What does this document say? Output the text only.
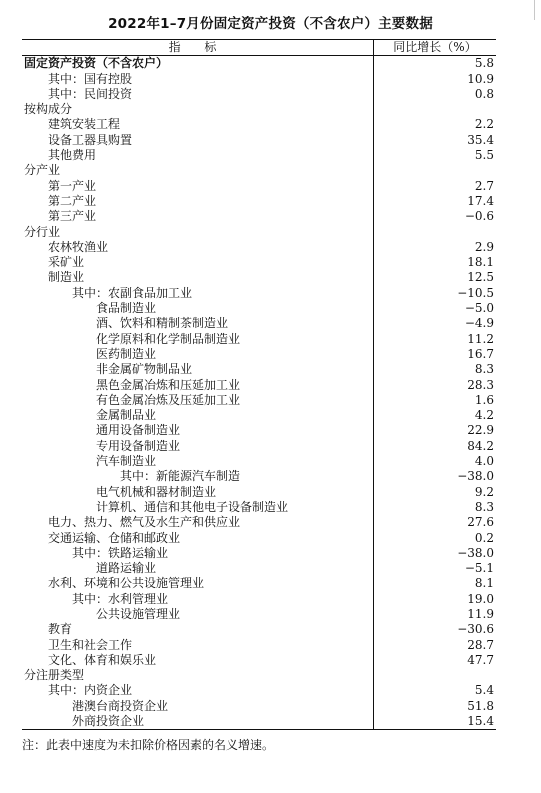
2022年1–7月份固定资产投资（不含农户）主要数据
指 标	同比增长（%）
固定资产投资（不含农户）	5.8
其中：国有控股	10.9
其中：民间投资	0.8
按构成分
建筑安装工程	2.2
设备工器具购置	35.4
其他费用	5.5
分产业
第一产业	2.7
第二产业	17.4
第三产业	−0.6
分行业
农林牧渔业	2.9
采矿业	18.1
制造业	12.5
其中：农副食品加工业	−10.5
食品制造业	−5.0
酒、饮料和精制茶制造业	−4.9
化学原料和化学制品制造业	11.2
医药制造业	16.7
非金属矿物制品业	8.3
黑色金属冶炼和压延加工业	28.3
有色金属冶炼及压延加工业	1.6
金属制品业	4.2
通用设备制造业	22.9
专用设备制造业	84.2
汽车制造业	4.0
其中：新能源汽车制造	−38.0
电气机械和器材制造业	9.2
计算机、通信和其他电子设备制造业	8.3
电力、热力、燃气及水生产和供应业	27.6
交通运输、仓储和邮政业	0.2
其中：铁路运输业	−38.0
道路运输业	−5.1
水利、环境和公共设施管理业	8.1
其中：水利管理业	19.0
公共设施管理业	11.9
教育	−30.6
卫生和社会工作	28.7
文化、体育和娱乐业	47.7
分注册类型
其中：内资企业	5.4
港澳台商投资企业	51.8
外商投资企业	15.4
注：此表中速度为未扣除价格因素的名义增速。
